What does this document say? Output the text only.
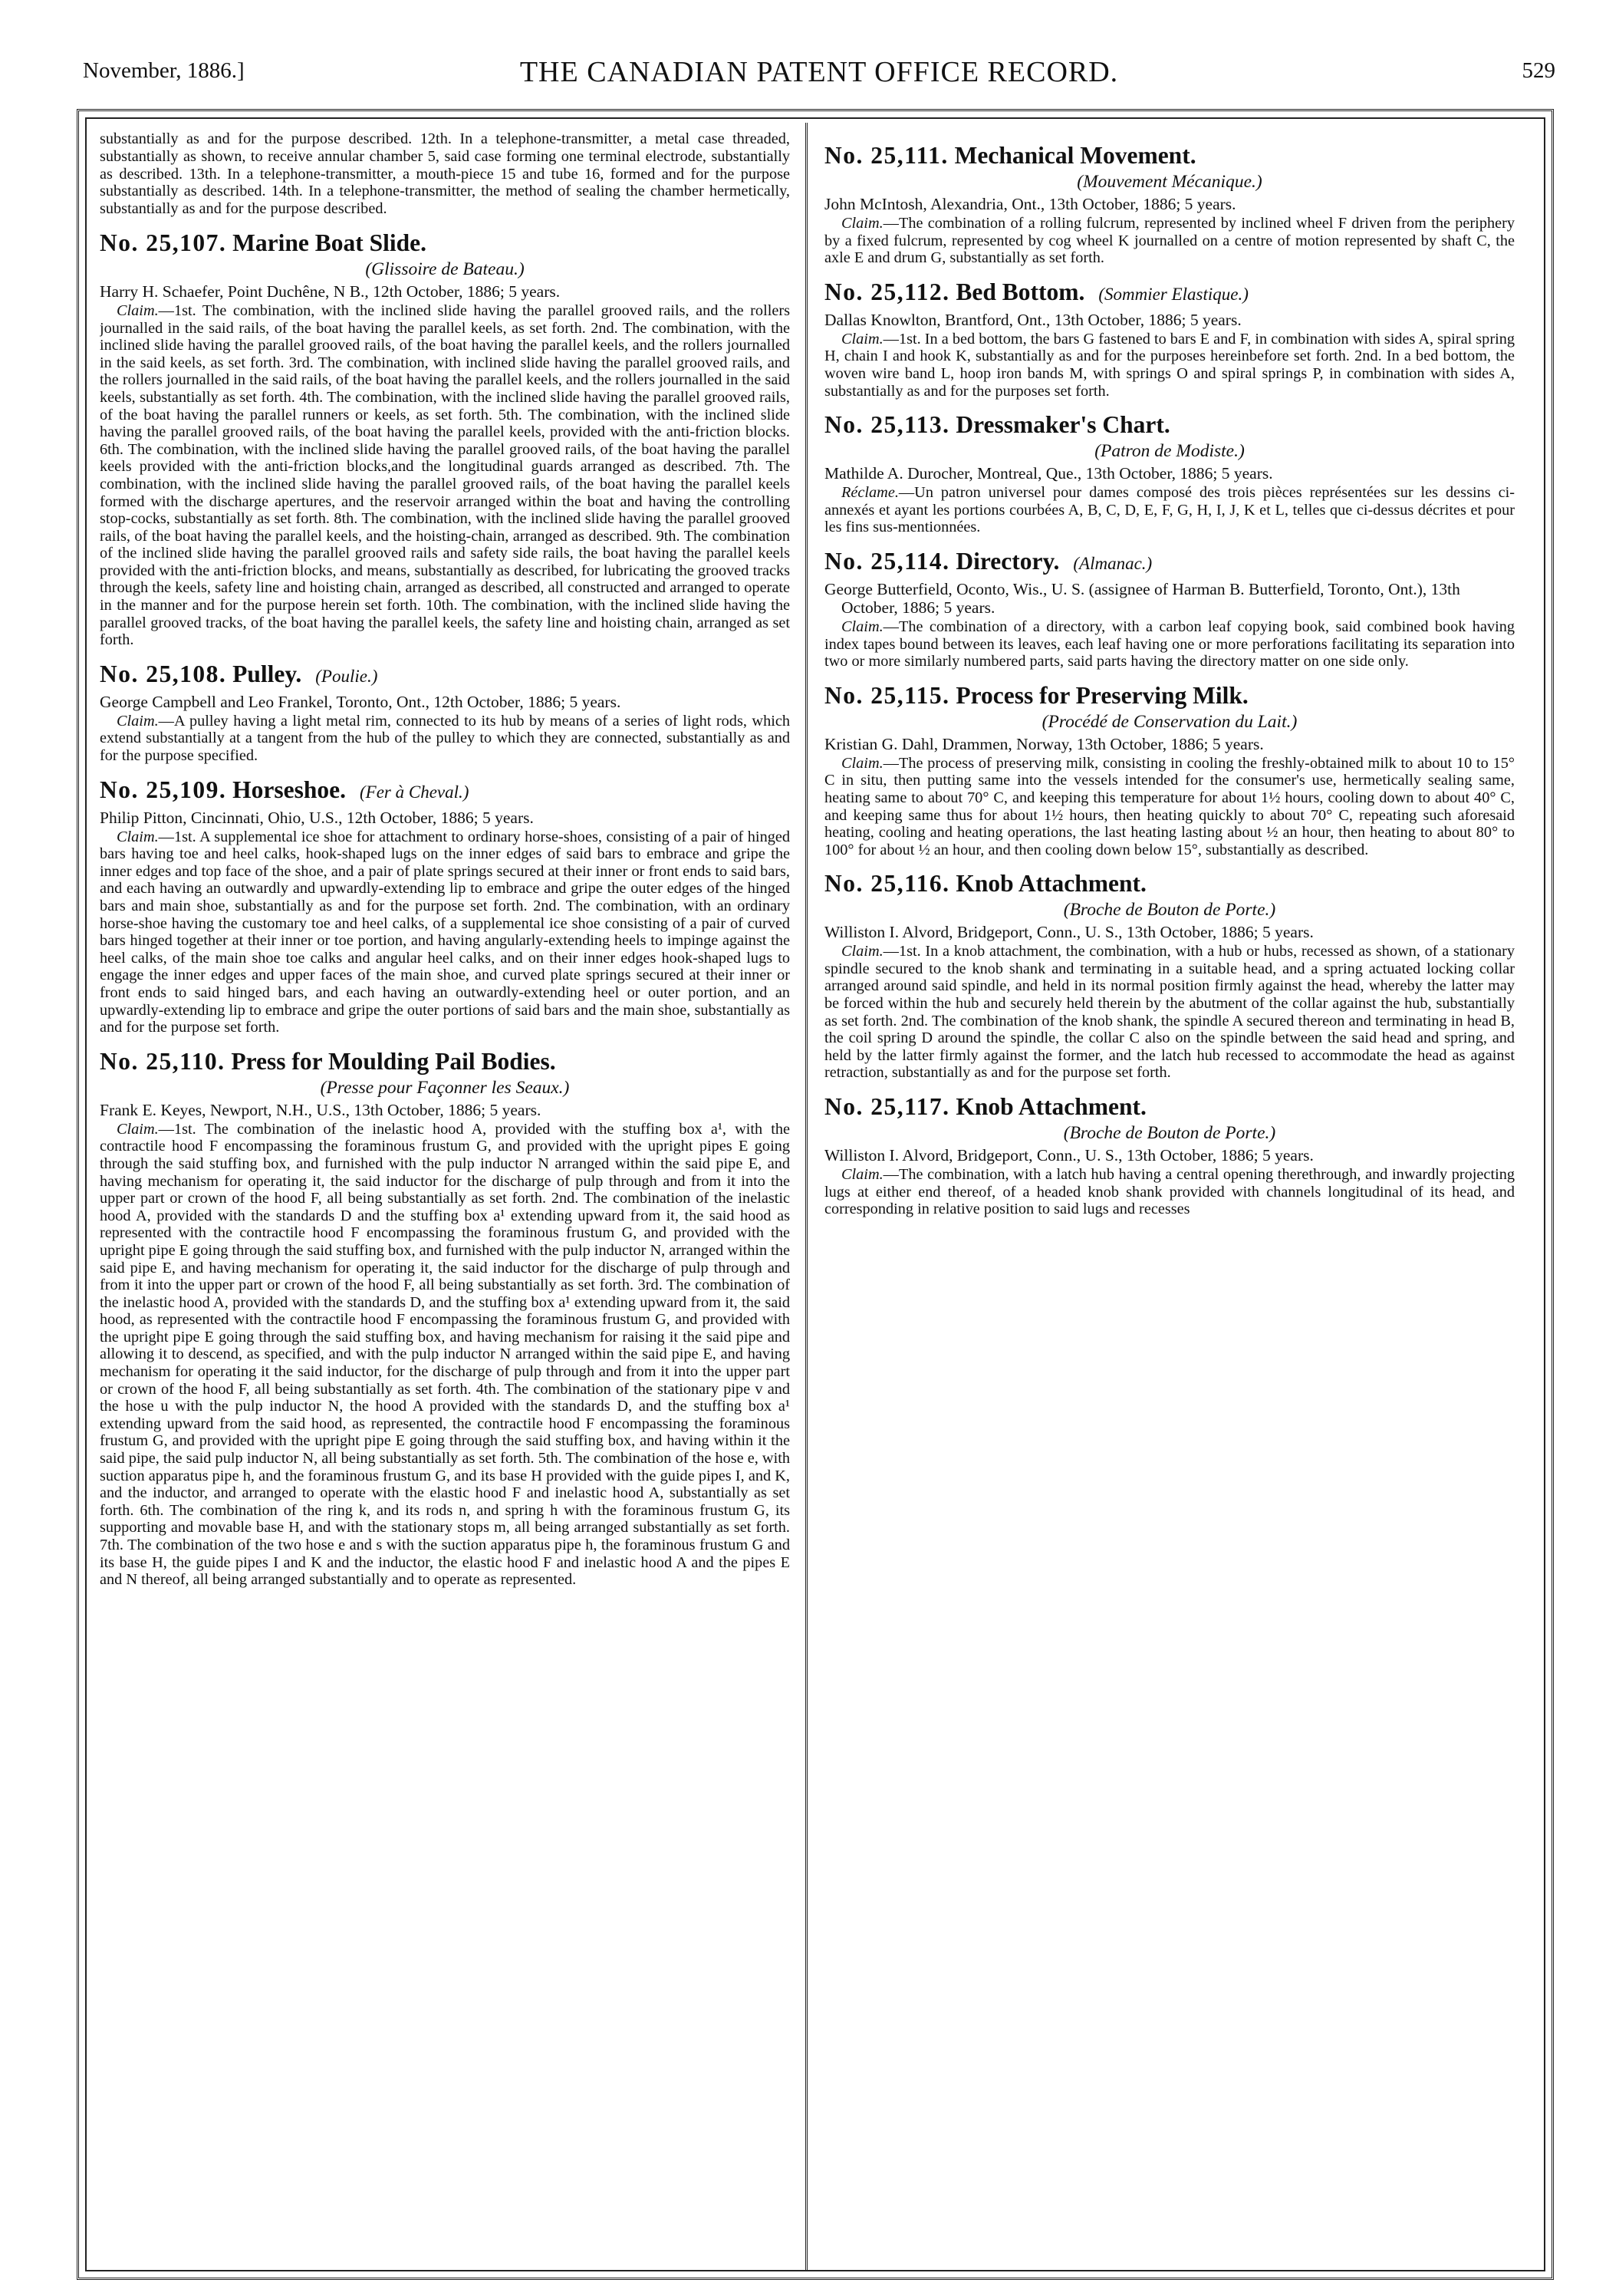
November, 1886.]	THE CANADIAN PATENT OFFICE RECORD.	529

substantially as and for the purpose described. 12th. In a telephone-transmitter, a metal case threaded, substantially as shown, to receive annular chamber 5, said case forming one terminal electrode, substantially as described. 13th. In a telephone-transmitter, a mouth-piece 15 and tube 16, formed and for the purpose substantially as described. 14th. In a telephone-transmitter, the method of sealing the chamber hermetically, substantially as and for the purpose described.

No. 25,107. Marine Boat Slide.

(Glissoire de Bateau.)

Harry H. Schaefer, Point Duchêne, N B., 12th October, 1886; 5 years.

Claim.—1st. The combination, with the inclined slide having the parallel grooved rails, and the rollers journalled in the said rails, of the boat having the parallel keels, as set forth. 2nd. The combination, with the inclined slide having the parallel grooved rails, of the boat having the parallel keels, and the rollers journalled in the said keels, as set forth. 3rd. The combination, with inclined slide having the parallel grooved rails, and the rollers journalled in the said rails, of the boat having the parallel keels, and the rollers journalled in the said keels, substantially as set forth. 4th. The combination, with the inclined slide having the parallel grooved rails, of the boat having the parallel runners or keels, as set forth. 5th. The combination, with the inclined slide having the parallel grooved rails, of the boat having the parallel keels, provided with the anti-friction blocks. 6th. The combination, with the inclined slide having the parallel grooved rails, of the boat having the parallel keels provided with the anti-friction blocks,and the longitudinal guards arranged as described. 7th. The combination, with the inclined slide having the parallel grooved rails, of the boat having the parallel keels formed with the discharge apertures, and the reservoir arranged within the boat and having the controlling stop-cocks, substantially as set forth. 8th. The combination, with the inclined slide having the parallel grooved rails, of the boat having the parallel keels, and the hoisting-chain, arranged as described. 9th. The combination of the inclined slide having the parallel grooved rails and safety side rails, the boat having the parallel keels provided with the anti-friction blocks, and means, substantially as described, for lubricating the grooved tracks through the keels, safety line and hoisting chain, arranged as described, all constructed and arranged to operate in the manner and for the purpose herein set forth. 10th. The combination, with the inclined slide having the parallel grooved tracks, of the boat having the parallel keels, the safety line and hoisting chain, arranged as set forth.

No. 25,108. Pulley. (Poulie.)

George Campbell and Leo Frankel, Toronto, Ont., 12th October, 1886; 5 years.

Claim.—A pulley having a light metal rim, connected to its hub by means of a series of light rods, which extend substantially at a tangent from the hub of the pulley to which they are connected, substantially as and for the purpose specified.

No. 25,109. Horseshoe. (Fer à Cheval.)

Philip Pitton, Cincinnati, Ohio, U.S., 12th October, 1886; 5 years.

Claim.—1st. A supplemental ice shoe for attachment to ordinary horse-shoes, consisting of a pair of hinged bars having toe and heel calks, hook-shaped lugs on the inner edges of said bars to embrace and gripe the inner edges and top face of the shoe, and a pair of plate springs secured at their inner or front ends to said bars, and each having an outwardly and upwardly-extending lip to embrace and gripe the outer edges of the hinged bars and main shoe, substantially as and for the purpose set forth. 2nd. The combination, with an ordinary horse-shoe having the customary toe and heel calks, of a supplemental ice shoe consisting of a pair of curved bars hinged together at their inner or toe portion, and having angularly-extending heels to impinge against the heel calks, of the main shoe toe calks and angular heel calks, and on their inner edges hook-shaped lugs to engage the inner edges and upper faces of the main shoe, and curved plate springs secured at their inner or front ends to said hinged bars, and each having an outwardly-extending heel or outer portion, and an upwardly-extending lip to embrace and gripe the outer portions of said bars and the main shoe, substantially as and for the purpose set forth.

No. 25,110. Press for Moulding Pail Bodies.

(Presse pour Façonner les Seaux.)

Frank E. Keyes, Newport, N.H., U.S., 13th October, 1886; 5 years.

Claim.—1st. The combination of the inelastic hood A, provided with the stuffing box a¹, with the contractile hood F encompassing the foraminous frustum G, and provided with the upright pipes E going through the said stuffing box, and furnished with the pulp inductor N arranged within the said pipe E, and having mechanism for operating it, the said inductor for the discharge of pulp through and from it into the upper part or crown of the hood F, all being substantially as set forth. 2nd. The combination of the inelastic hood A, provided with the standards D and the stuffing box a¹ extending upward from it, the said hood as represented with the contractile hood F encompassing the foraminous frustum G, and provided with the upright pipe E going through the said stuffing box, and furnished with the pulp inductor N, arranged within the said pipe E, and having mechanism for operating it, the said inductor for the discharge of pulp through and from it into the upper part or crown of the hood F, all being substantially as set forth. 3rd. The combination of the inelastic hood A, provided with the standards D, and the stuffing box a¹ extending upward from it, the said hood, as represented with the contractile hood F encompassing the foraminous frustum G, and provided with the upright pipe E going through the said stuffing box, and having mechanism for raising it the said pipe and allowing it to descend, as specified, and with the pulp inductor N arranged within the said pipe E, and having mechanism for operating it the said inductor, for the discharge of pulp through and from it into the upper part or crown of the hood F, all being substantially as set forth. 4th. The combination of the stationary pipe v and the hose u with the pulp inductor N, the hood A provided with the standards D, and the stuffing box a¹ extending upward from the said hood, as represented, the contractile hood F encompassing the foraminous frustum G, and provided with the upright pipe E going through the said stuffing box, and having within it the said pipe, the said pulp inductor N, all being substantially as set forth. 5th. The combination of the hose e, with suction apparatus pipe h, and the foraminous frustum G, and its base H provided with the guide pipes I, and K, and the inductor, and arranged to operate with the elastic hood F and inelastic hood A, substantially as set forth. 6th. The combination of the ring k, and its rods n, and spring h with the foraminous frustum G, its supporting and movable base H, and with the stationary stops m, all being arranged substantially as set forth. 7th. The combination of the two hose e and s with the suction apparatus pipe h, the foraminous frustum G and its base H, the guide pipes I and K and the inductor, the elastic hood F and inelastic hood A and the pipes E and N thereof, all being arranged substantially and to operate as represented.

No. 25,111. Mechanical Movement.

(Mouvement Mécanique.)

John McIntosh, Alexandria, Ont., 13th October, 1886; 5 years.

Claim.—The combination of a rolling fulcrum, represented by inclined wheel F driven from the periphery by a fixed fulcrum, represented by cog wheel K journalled on a centre of motion represented by shaft C, the axle E and drum G, substantially as set forth.

No. 25,112. Bed Bottom. (Sommier Elastique.)

Dallas Knowlton, Brantford, Ont., 13th October, 1886; 5 years.

Claim.—1st. In a bed bottom, the bars G fastened to bars E and F, in combination with sides A, spiral spring H, chain I and hook K, substantially as and for the purposes hereinbefore set forth. 2nd. In a bed bottom, the woven wire band L, hoop iron bands M, with springs O and spiral springs P, in combination with sides A, substantially as and for the purposes set forth.

No. 25,113. Dressmaker's Chart.

(Patron de Modiste.)

Mathilde A. Durocher, Montreal, Que., 13th October, 1886; 5 years.

Réclame.—Un patron universel pour dames composé des trois pièces représentées sur les dessins ci-annexés et ayant les portions courbées A, B, C, D, E, F, G, H, I, J, K et L, telles que ci-dessus décrites et pour les fins sus-mentionnées.

No. 25,114. Directory. (Almanac.)

George Butterfield, Oconto, Wis., U. S. (assignee of Harman B. Butterfield, Toronto, Ont.), 13th October, 1886; 5 years.

Claim.—The combination of a directory, with a carbon leaf copying book, said combined book having index tapes bound between its leaves, each leaf having one or more perforations facilitating its separation into two or more similarly numbered parts, said parts having the directory matter on one side only.

No. 25,115. Process for Preserving Milk.

(Procédé de Conservation du Lait.)

Kristian G. Dahl, Drammen, Norway, 13th October, 1886; 5 years.

Claim.—The process of preserving milk, consisting in cooling the freshly-obtained milk to about 10 to 15° C in situ, then putting same into the vessels intended for the consumer's use, hermetically sealing same, heating same to about 70° C, and keeping this temperature for about 1½ hours, cooling down to about 40° C, and keeping same thus for about 1½ hours, then heating quickly to about 70° C, repeating such aforesaid heating, cooling and heating operations, the last heating lasting about ½ an hour, then heating to about 80° to 100° for about ½ an hour, and then cooling down below 15°, substantially as described.

No. 25,116. Knob Attachment.

(Broche de Bouton de Porte.)

Williston I. Alvord, Bridgeport, Conn., U. S., 13th October, 1886; 5 years.

Claim.—1st. In a knob attachment, the combination, with a hub or hubs, recessed as shown, of a stationary spindle secured to the knob shank and terminating in a suitable head, and a spring actuated locking collar arranged around said spindle, and held in its normal position firmly against the head, whereby the latter may be forced within the hub and securely held therein by the abutment of the collar against the hub, substantially as set forth. 2nd. The combination of the knob shank, the spindle A secured thereon and terminating in head B, the coil spring D around the spindle, the collar C also on the spindle between the said head and spring, and held by the latter firmly against the former, and the latch hub recessed to accommodate the head as against retraction, substantially as and for the purpose set forth.

No. 25,117. Knob Attachment.

(Broche de Bouton de Porte.)

Williston I. Alvord, Bridgeport, Conn., U. S., 13th October, 1886; 5 years.

Claim.—The combination, with a latch hub having a central opening therethrough, and inwardly projecting lugs at either end thereof, of a headed knob shank provided with channels longitudinal of its head, and corresponding in relative position to said lugs and recesses
